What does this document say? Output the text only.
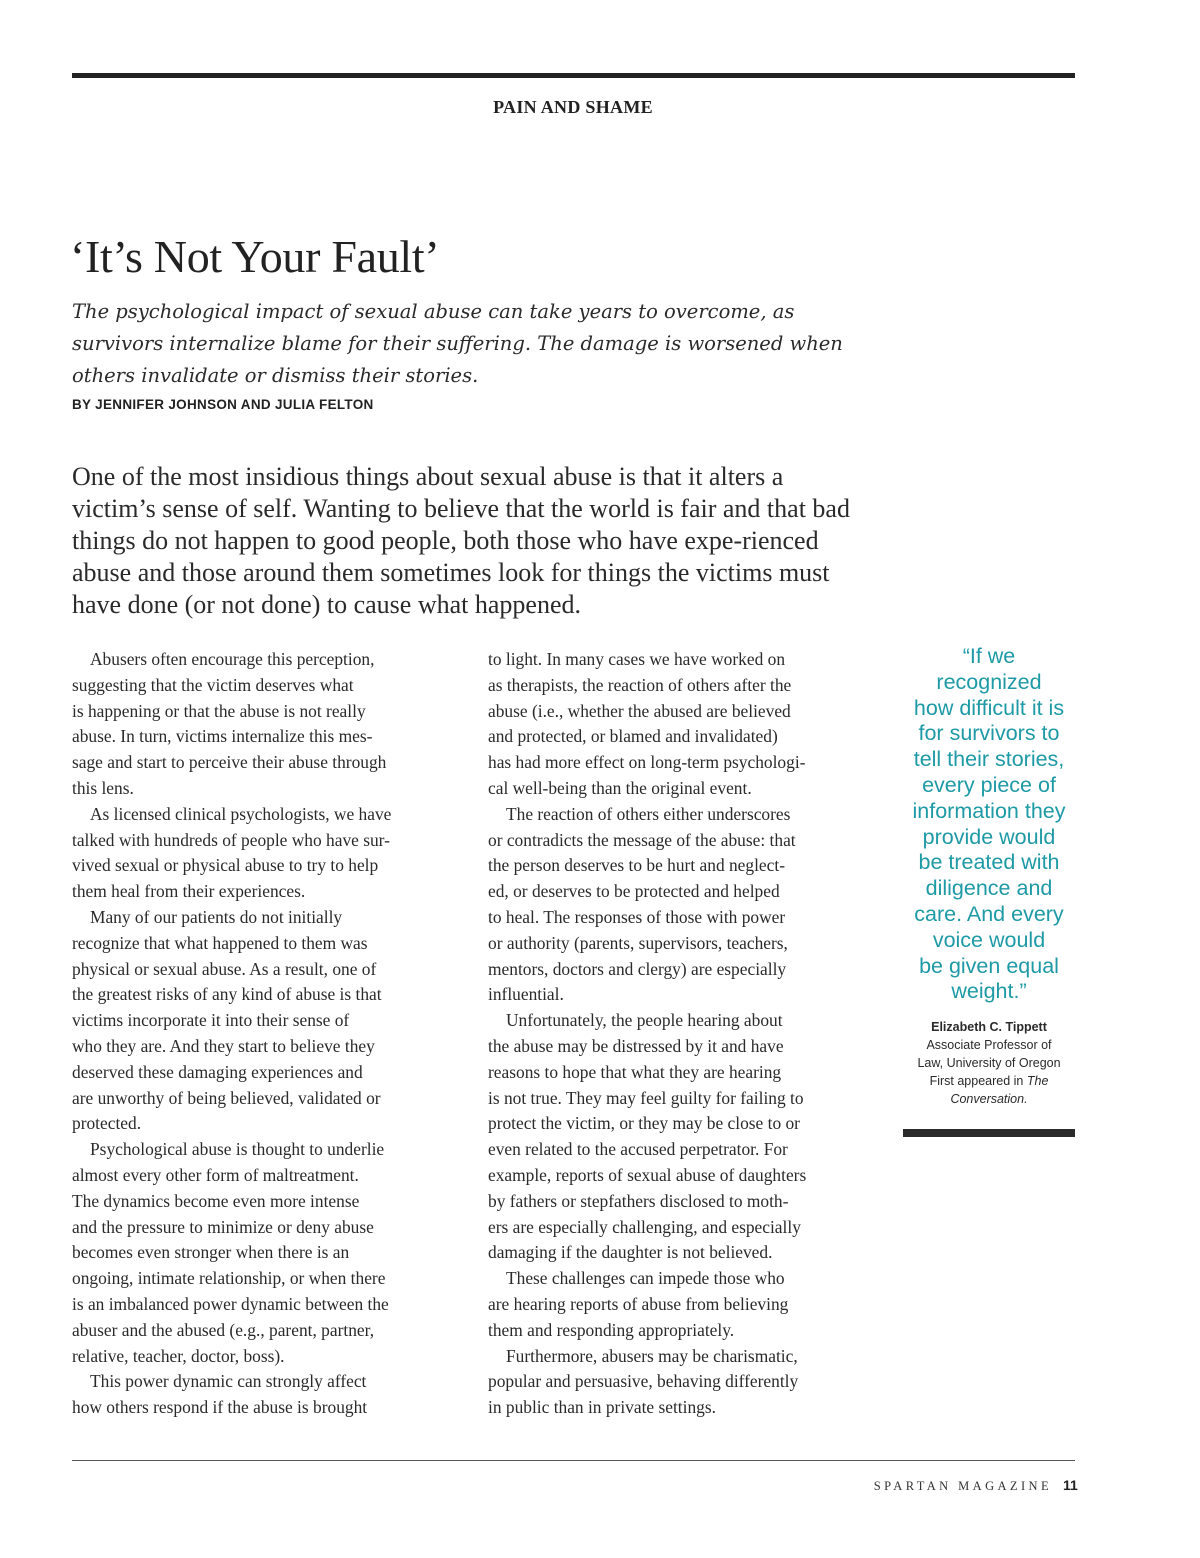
PAIN AND SHAME
‘It’s Not Your Fault’

The psychological impact of sexual abuse can take years to overcome, as survivors internalize blame for their suffering. The damage is worsened when others invalidate or dismiss their stories.

BY JENNIFER JOHNSON AND JULIA FELTON

One of the most insidious things about sexual abuse is that it alters a victim’s sense of self. Wanting to believe that the world is fair and that bad things do not happen to good people, both those who have expe-rienced abuse and those around them sometimes look for things the victims must have done (or not done) to cause what happened.

Abusers often encourage this perception,
suggesting that the victim deserves what
is happening or that the abuse is not really
abuse. In turn, victims internalize this mes-
sage and start to perceive their abuse through
this lens.

As licensed clinical psychologists, we have
talked with hundreds of people who have sur-
vived sexual or physical abuse to try to help
them heal from their experiences.

Many of our patients do not initially
recognize that what happened to them was
physical or sexual abuse. As a result, one of
the greatest risks of any kind of abuse is that
victims incorporate it into their sense of
who they are. And they start to believe they
deserved these damaging experiences and
are unworthy of being believed, validated or
protected.

Psychological abuse is thought to underlie
almost every other form of maltreatment.
The dynamics become even more intense
and the pressure to minimize or deny abuse
becomes even stronger when there is an
ongoing, intimate relationship, or when there
is an imbalanced power dynamic between the
abuser and the abused (e.g., parent, partner,
relative, teacher, doctor, boss).

This power dynamic can strongly affect
how others respond if the abuse is brought

to light. In many cases we have worked on
as therapists, the reaction of others after the
abuse (i.e., whether the abused are believed
and protected, or blamed and invalidated)
has had more effect on long-term psychologi-
cal well-being than the original event.

The reaction of others either underscores
or contradicts the message of the abuse: that
the person deserves to be hurt and neglect-
ed, or deserves to be protected and helped
to heal. The responses of those with power
or authority (parents, supervisors, teachers,
mentors, doctors and clergy) are especially
influential.

Unfortunately, the people hearing about
the abuse may be distressed by it and have
reasons to hope that what they are hearing
is not true. They may feel guilty for failing to
protect the victim, or they may be close to or
even related to the accused perpetrator. For
example, reports of sexual abuse of daughters
by fathers or stepfathers disclosed to moth-
ers are especially challenging, and especially
damaging if the daughter is not believed.

These challenges can impede those who
are hearing reports of abuse from believing
them and responding appropriately.

Furthermore, abusers may be charismatic,
popular and persuasive, behaving differently
in public than in private settings.

“If we
recognized
how difficult it is
for survivors to
tell their stories,
every piece of
information they
provide would
be treated with
diligence and
care. And every
voice would
be given equal
weight.”

Elizabeth C. Tippett
Associate Professor of
Law, University of Oregon
First appeared in The
Conversation.
SPARTAN MAGAZINE 11
